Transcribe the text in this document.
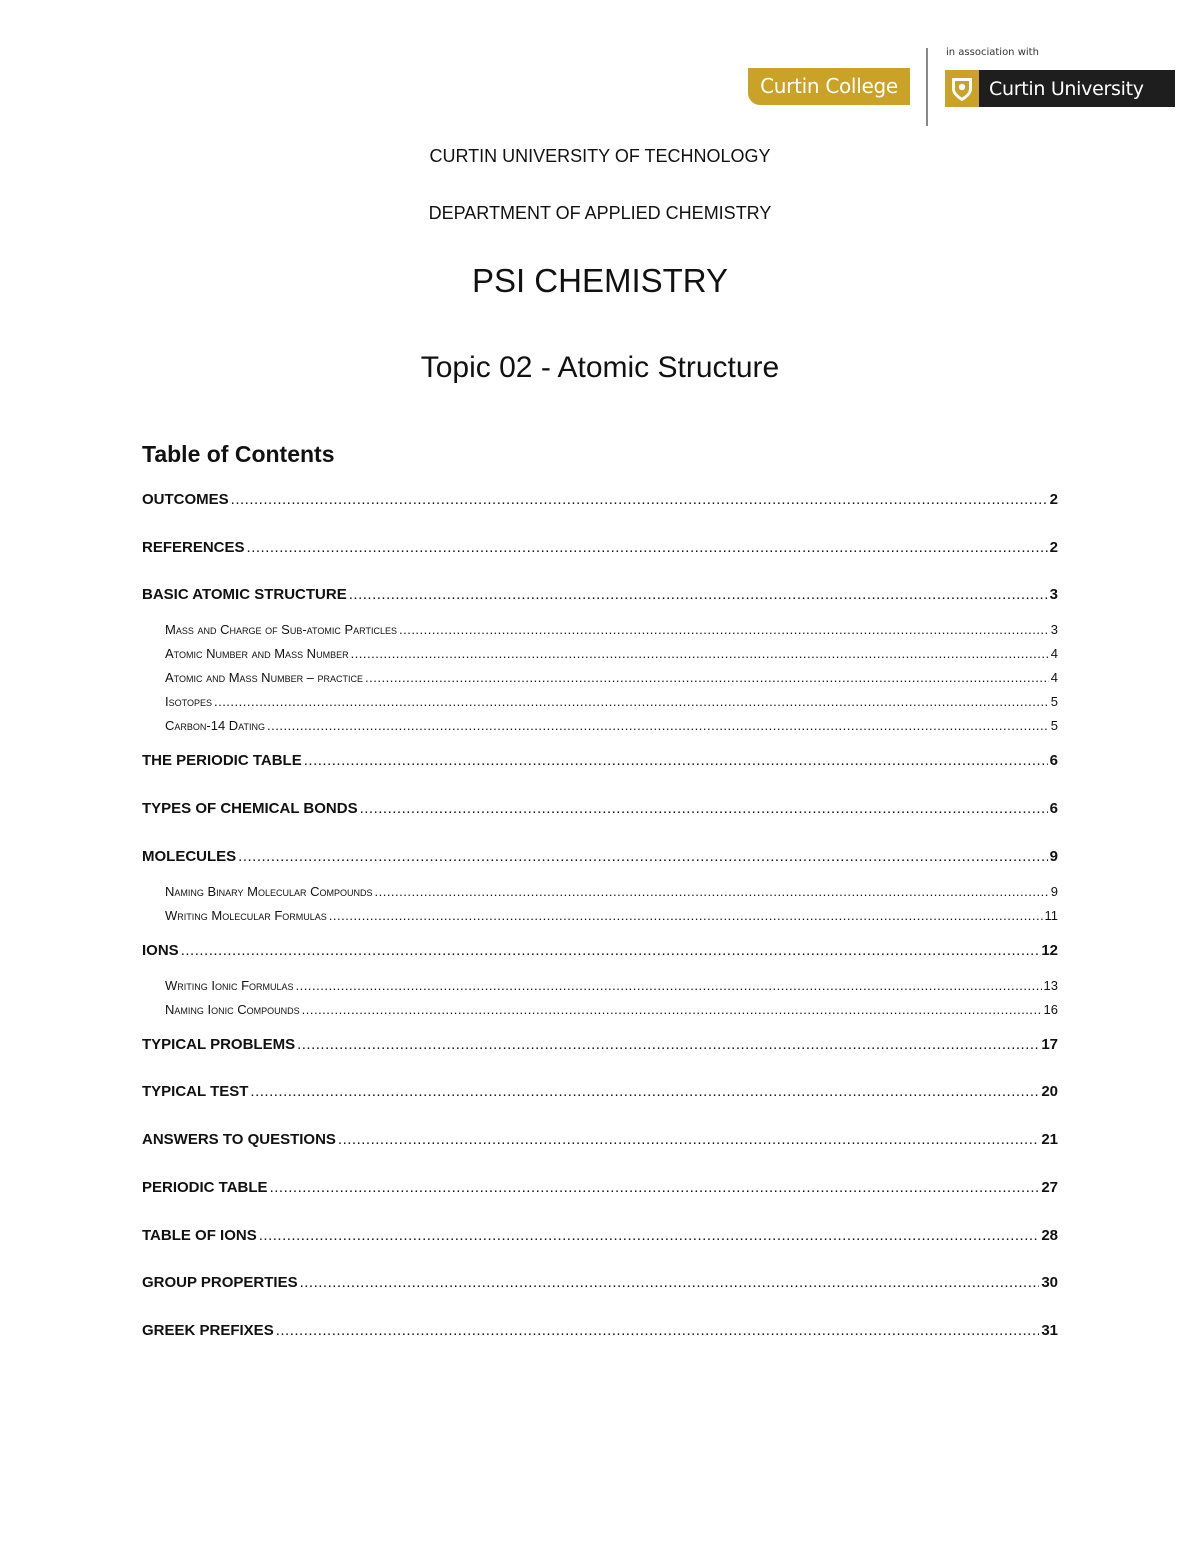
Curtin College
in association with
Curtin University
CURTIN UNIVERSITY OF TECHNOLOGY
DEPARTMENT OF APPLIED CHEMISTRY
PSI CHEMISTRY
Topic 02 - Atomic Structure
Table of Contents
OUTCOMES .....	2
REFERENCES .....	2
BASIC ATOMIC STRUCTURE .....	3
Mass and Charge of Sub-atomic Particles .....	3
Atomic Number and Mass Number .....	4
Atomic and Mass Number – practice .....	4
Isotopes .....	5
Carbon-14 Dating .....	5
THE PERIODIC TABLE .....	6
TYPES OF CHEMICAL BONDS .....	6
MOLECULES .....	9
Naming Binary Molecular Compounds .....	9
Writing Molecular Formulas .....	11
IONS .....	12
Writing Ionic Formulas .....	13
Naming Ionic Compounds .....	16
TYPICAL PROBLEMS .....	17
TYPICAL TEST .....	20
ANSWERS TO QUESTIONS .....	21
PERIODIC TABLE .....	27
TABLE OF IONS .....	28
GROUP PROPERTIES .....	30
GREEK PREFIXES .....	31
